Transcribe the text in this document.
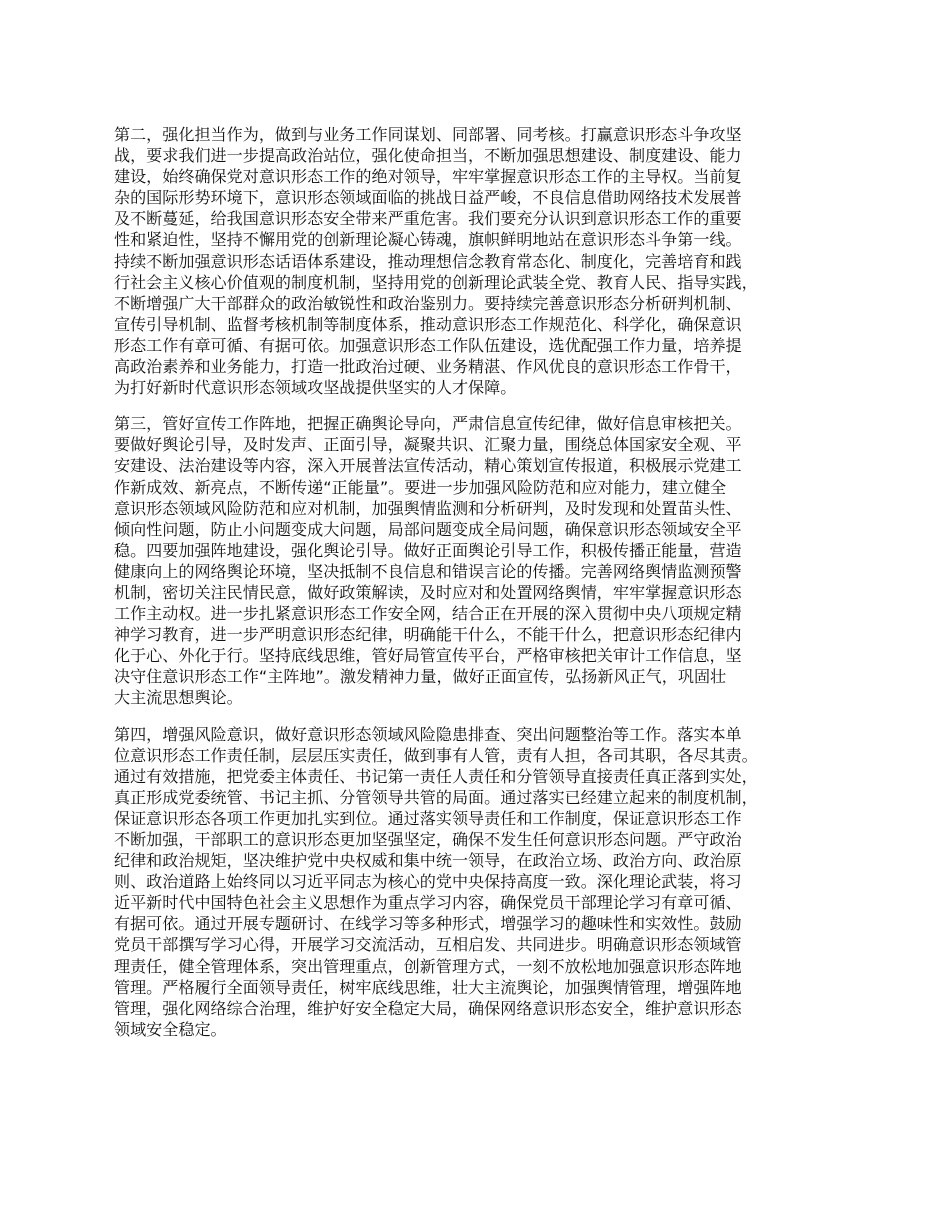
第二，强化担当作为，做到与业务工作同谋划、同部署、同考核。打赢意识形态斗争攻坚
战，要求我们进一步提高政治站位，强化使命担当，不断加强思想建设、制度建设、能力
建设，始终确保党对意识形态工作的绝对领导，牢牢掌握意识形态工作的主导权。当前复
杂的国际形势环境下，意识形态领域面临的挑战日益严峻，不良信息借助网络技术发展普
及不断蔓延，给我国意识形态安全带来严重危害。我们要充分认识到意识形态工作的重要
性和紧迫性，坚持不懈用党的创新理论凝心铸魂，旗帜鲜明地站在意识形态斗争第一线。
持续不断加强意识形态话语体系建设，推动理想信念教育常态化、制度化，完善培育和践
行社会主义核心价值观的制度机制，坚持用党的创新理论武装全党、教育人民、指导实践，
不断增强广大干部群众的政治敏锐性和政治鉴别力。要持续完善意识形态分析研判机制、
宣传引导机制、监督考核机制等制度体系，推动意识形态工作规范化、科学化，确保意识
形态工作有章可循、有据可依。加强意识形态工作队伍建设，选优配强工作力量，培养提
高政治素养和业务能力，打造一批政治过硬、业务精湛、作风优良的意识形态工作骨干，
为打好新时代意识形态领域攻坚战提供坚实的人才保障。

第三，管好宣传工作阵地，把握正确舆论导向，严肃信息宣传纪律，做好信息审核把关。
要做好舆论引导，及时发声、正面引导，凝聚共识、汇聚力量，围绕总体国家安全观、平
安建设、法治建设等内容，深入开展普法宣传活动，精心策划宣传报道，积极展示党建工
作新成效、新亮点，不断传递“正能量”。要进一步加强风险防范和应对能力，建立健全
意识形态领域风险防范和应对机制，加强舆情监测和分析研判，及时发现和处置苗头性、
倾向性问题，防止小问题变成大问题，局部问题变成全局问题，确保意识形态领域安全平
稳。四要加强阵地建设，强化舆论引导。做好正面舆论引导工作，积极传播正能量，营造
健康向上的网络舆论环境，坚决抵制不良信息和错误言论的传播。完善网络舆情监测预警
机制，密切关注民情民意，做好政策解读，及时应对和处置网络舆情，牢牢掌握意识形态
工作主动权。进一步扎紧意识形态工作安全网，结合正在开展的深入贯彻中央八项规定精
神学习教育，进一步严明意识形态纪律，明确能干什么，不能干什么，把意识形态纪律内
化于心、外化于行。坚持底线思维，管好局管宣传平台，严格审核把关审计工作信息，坚
决守住意识形态工作“主阵地”。激发精神力量，做好正面宣传，弘扬新风正气，巩固壮
大主流思想舆论。

第四，增强风险意识，做好意识形态领域风险隐患排查、突出问题整治等工作。落实本单
位意识形态工作责任制，层层压实责任，做到事有人管，责有人担，各司其职，各尽其责。
通过有效措施，把党委主体责任、书记第一责任人责任和分管领导直接责任真正落到实处，
真正形成党委统管、书记主抓、分管领导共管的局面。通过落实已经建立起来的制度机制，
保证意识形态各项工作更加扎实到位。通过落实领导责任和工作制度，保证意识形态工作
不断加强，干部职工的意识形态更加坚强坚定，确保不发生任何意识形态问题。严守政治
纪律和政治规矩，坚决维护党中央权威和集中统一领导，在政治立场、政治方向、政治原
则、政治道路上始终同以习近平同志为核心的党中央保持高度一致。深化理论武装，将习
近平新时代中国特色社会主义思想作为重点学习内容，确保党员干部理论学习有章可循、
有据可依。通过开展专题研讨、在线学习等多种形式，增强学习的趣味性和实效性。鼓励
党员干部撰写学习心得，开展学习交流活动，互相启发、共同进步。明确意识形态领域管
理责任，健全管理体系，突出管理重点，创新管理方式，一刻不放松地加强意识形态阵地
管理。严格履行全面领导责任，树牢底线思维，壮大主流舆论，加强舆情管理，增强阵地
管理，强化网络综合治理，维护好安全稳定大局，确保网络意识形态安全，维护意识形态
领域安全稳定。
